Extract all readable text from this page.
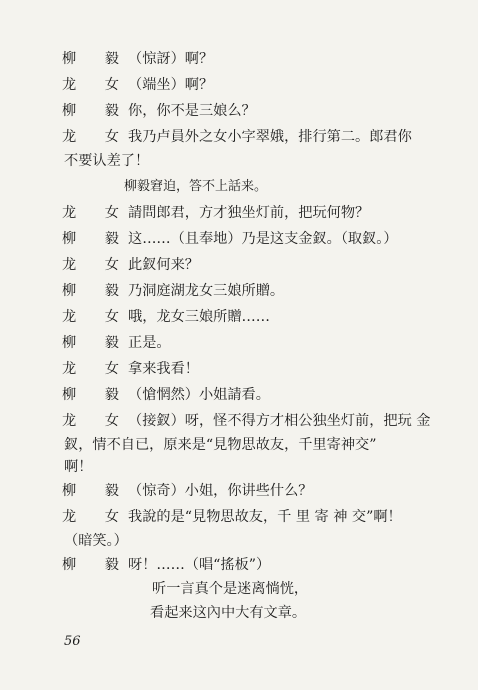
柳 毅
（惊訝）啊？
龙 女
（端坐）啊？
柳 毅
你，你不是三娘么？
龙 女
我乃卢員外之女小字翠娥，排行第二。郎君你
不要认差了！
柳毅窘迫，答不上話来。
龙 女
請問郎君，方才独坐灯前，把玩何物？
柳 毅
这……（且奉地）乃是这支金釵。（取釵。）
龙 女
此釵何来？
柳 毅
乃洞庭湖龙女三娘所贈。
龙 女
哦，龙女三娘所贈……
柳 毅
正是。
龙 女
拿来我看！
柳 毅
（愴惘然）小姐請看。
龙 女
（接釵）呀，怪不得方才相公独坐灯前，把玩 金
釵，情不自已，原来是“見物思故友，千里寄神交”
啊！
柳 毅
（惊奇）小姐，你讲些什么？
龙 女
我說的是“見物思故友，千 里 寄 神 交”啊！
（暗笑。）
柳 毅
呀！……（唱“搖板”）
听一言真个是迷离惝恍，
看起来这內中大有文章。
56
